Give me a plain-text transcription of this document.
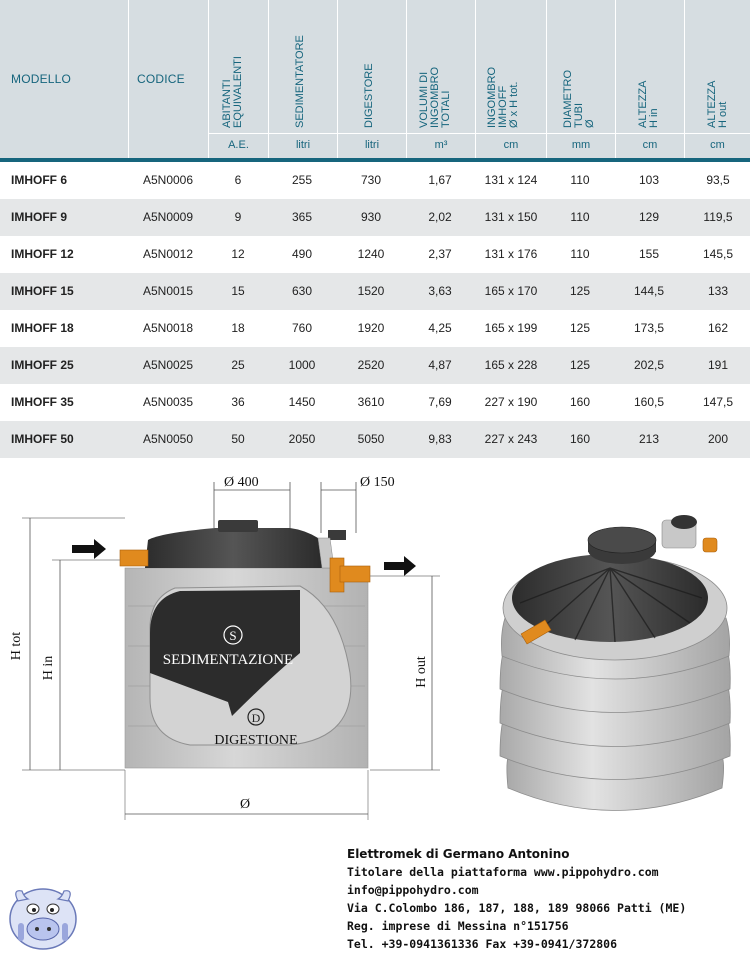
MODELLO	CODICE
ABITANTI EQUIVALENTI	SEDIMENTATORE	DIGESTORE	VOLUMI DI INGOMBRO TOTALI	INGOMBRO IMHOFF Ø x H tot.	DIAMETRO TUBI Ø	ALTEZZA H in	ALTEZZA H out
A.E.	litri	litri	m³	cm	mm	cm	cm
IMHOFF 6	A5N0006	6	255	730	1,67	131 x 124	110	103	93,5
IMHOFF 9	A5N0009	9	365	930	2,02	131 x 150	110	129	119,5
IMHOFF 12	A5N0012	12	490	1240	2,37	131 x 176	110	155	145,5
IMHOFF 15	A5N0015	15	630	1520	3,63	165 x 170	125	144,5	133
IMHOFF 18	A5N0018	18	760	1920	4,25	165 x 199	125	173,5	162
IMHOFF 25	A5N0025	25	1000	2520	4,87	165 x 228	125	202,5	191
IMHOFF 35	A5N0035	36	1450	3610	7,69	227 x 190	160	160,5	147,5
IMHOFF 50	A5N0050	50	2050	5050	9,83	227 x 243	160	213	200
Ø 400	Ø 150
S
SEDIMENTAZIONE
D
DIGESTIONE
H tot
H in	H out
Ø
Elettromek di Germano Antonino
Titolare della piattaforma www.pippohydro.com
info@pippohydro.com
Via C.Colombo 186, 187, 188, 189 98066 Patti (ME)
Reg. imprese di Messina n°151756
Tel. +39-0941361336 Fax +39-0941/372806
